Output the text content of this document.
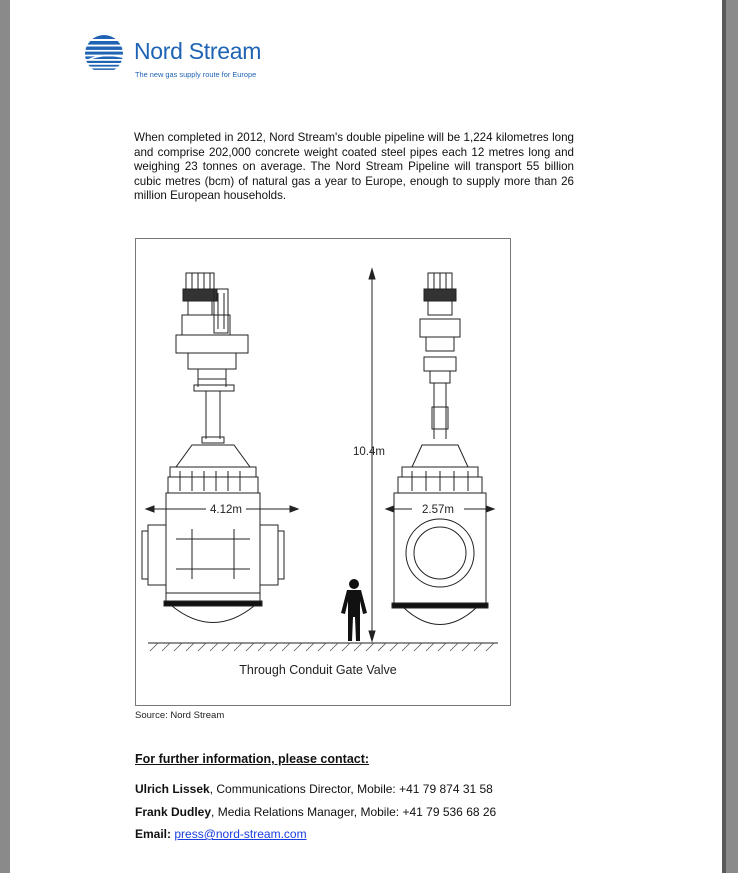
Nord Stream
The new gas supply route for Europe
When completed in 2012, Nord Stream's double pipeline will be 1,224 kilometres long and comprise 202,000 concrete weight coated steel pipes each 12 metres long and weighing 23 tonnes on average. The Nord Stream Pipeline will transport 55 billion cubic metres (bcm) of natural gas a year to Europe, enough to supply more than 26 million European households.
10.4m
4.12m	2.57m
Through Conduit Gate Valve
Source: Nord Stream
For further information, please contact:
Ulrich Lissek, Communications Director, Mobile: +41 79 874 31 58
Frank Dudley, Media Relations Manager, Mobile: +41 79 536 68 26
Email: press@nord-stream.com
